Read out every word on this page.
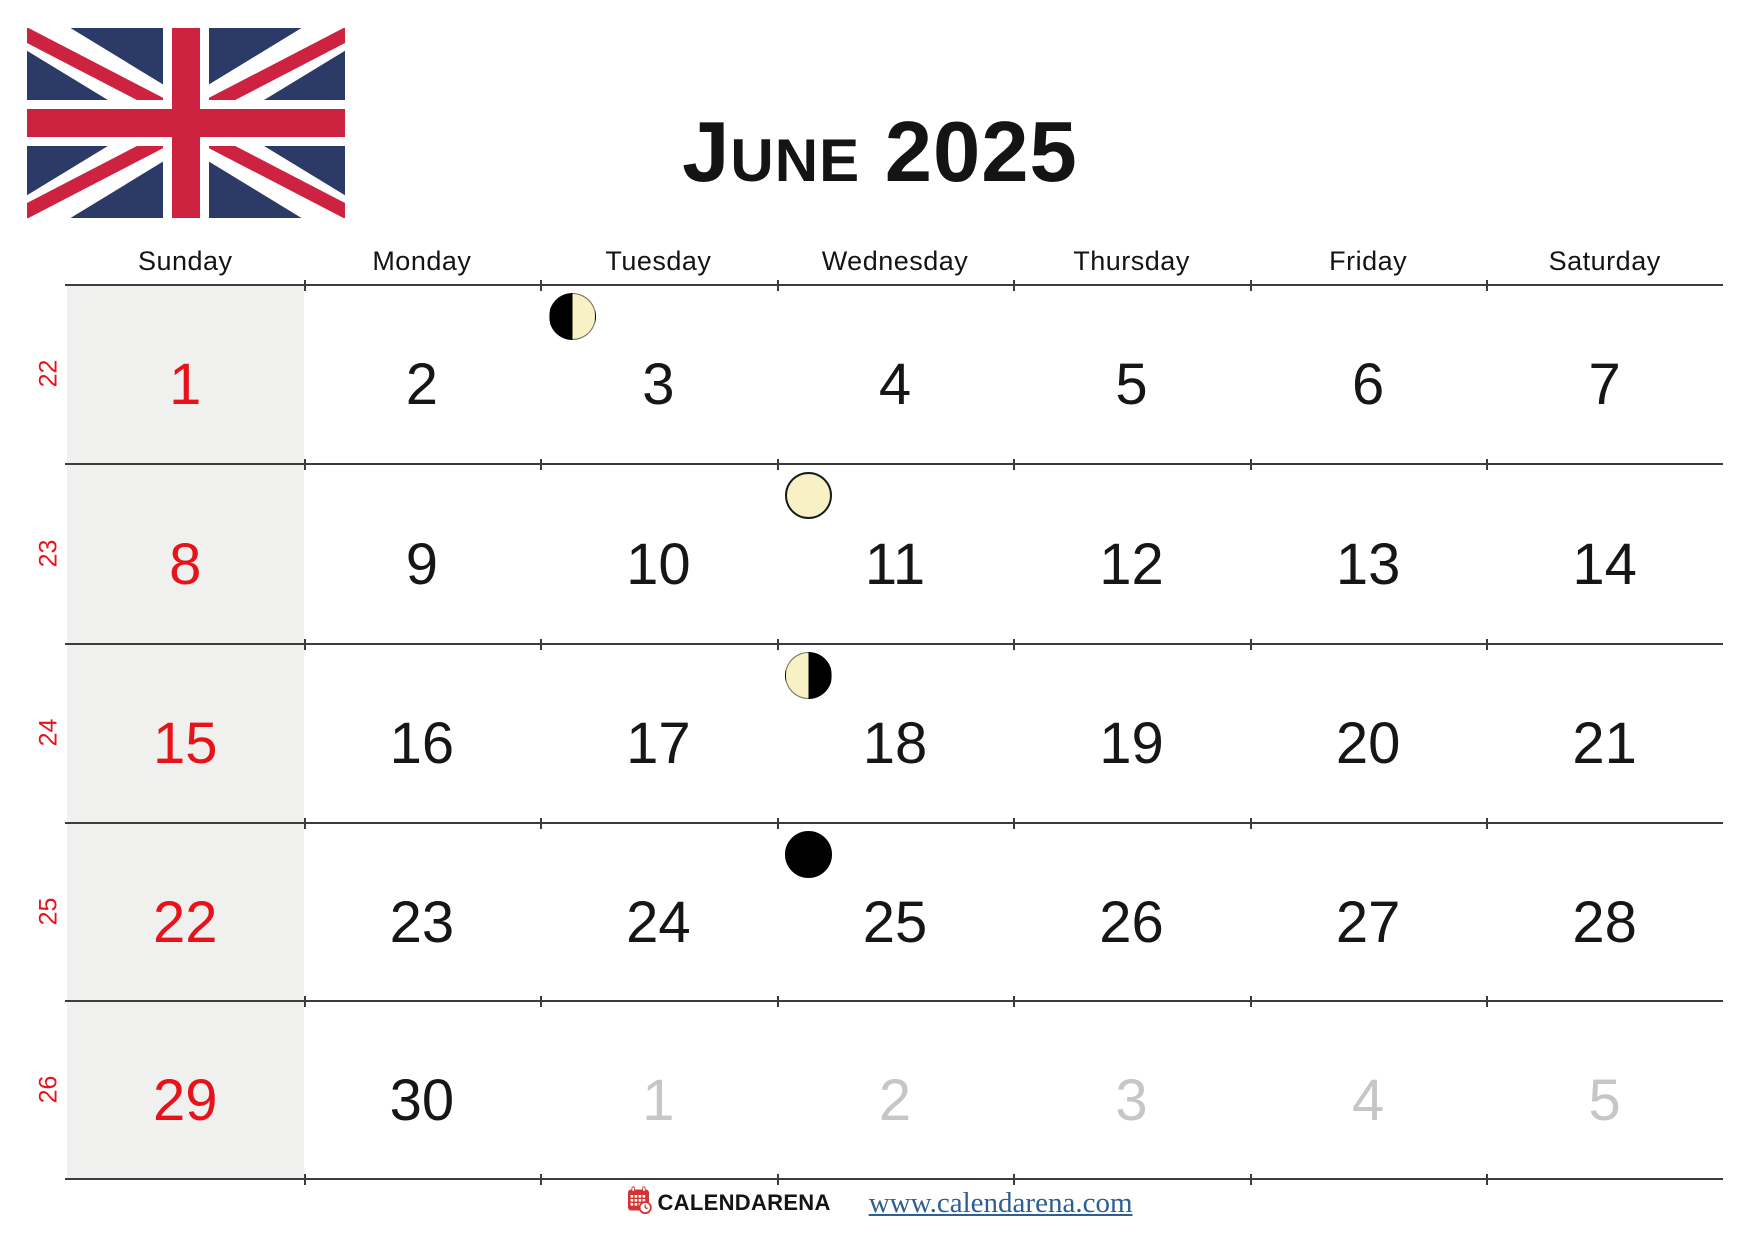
June 2025
Sunday	Monday	Tuesday	Wednesday	Thursday	Friday	Saturday
22 1	2	3	4	5	6	7
23 8	9	10	11	12	13	14
24 15	16	17	18	19	20	21
25 22	23	24	25	26	27	28
26 29	30	1	2	3	4	5
CALENDARENA www.calendarena.com
